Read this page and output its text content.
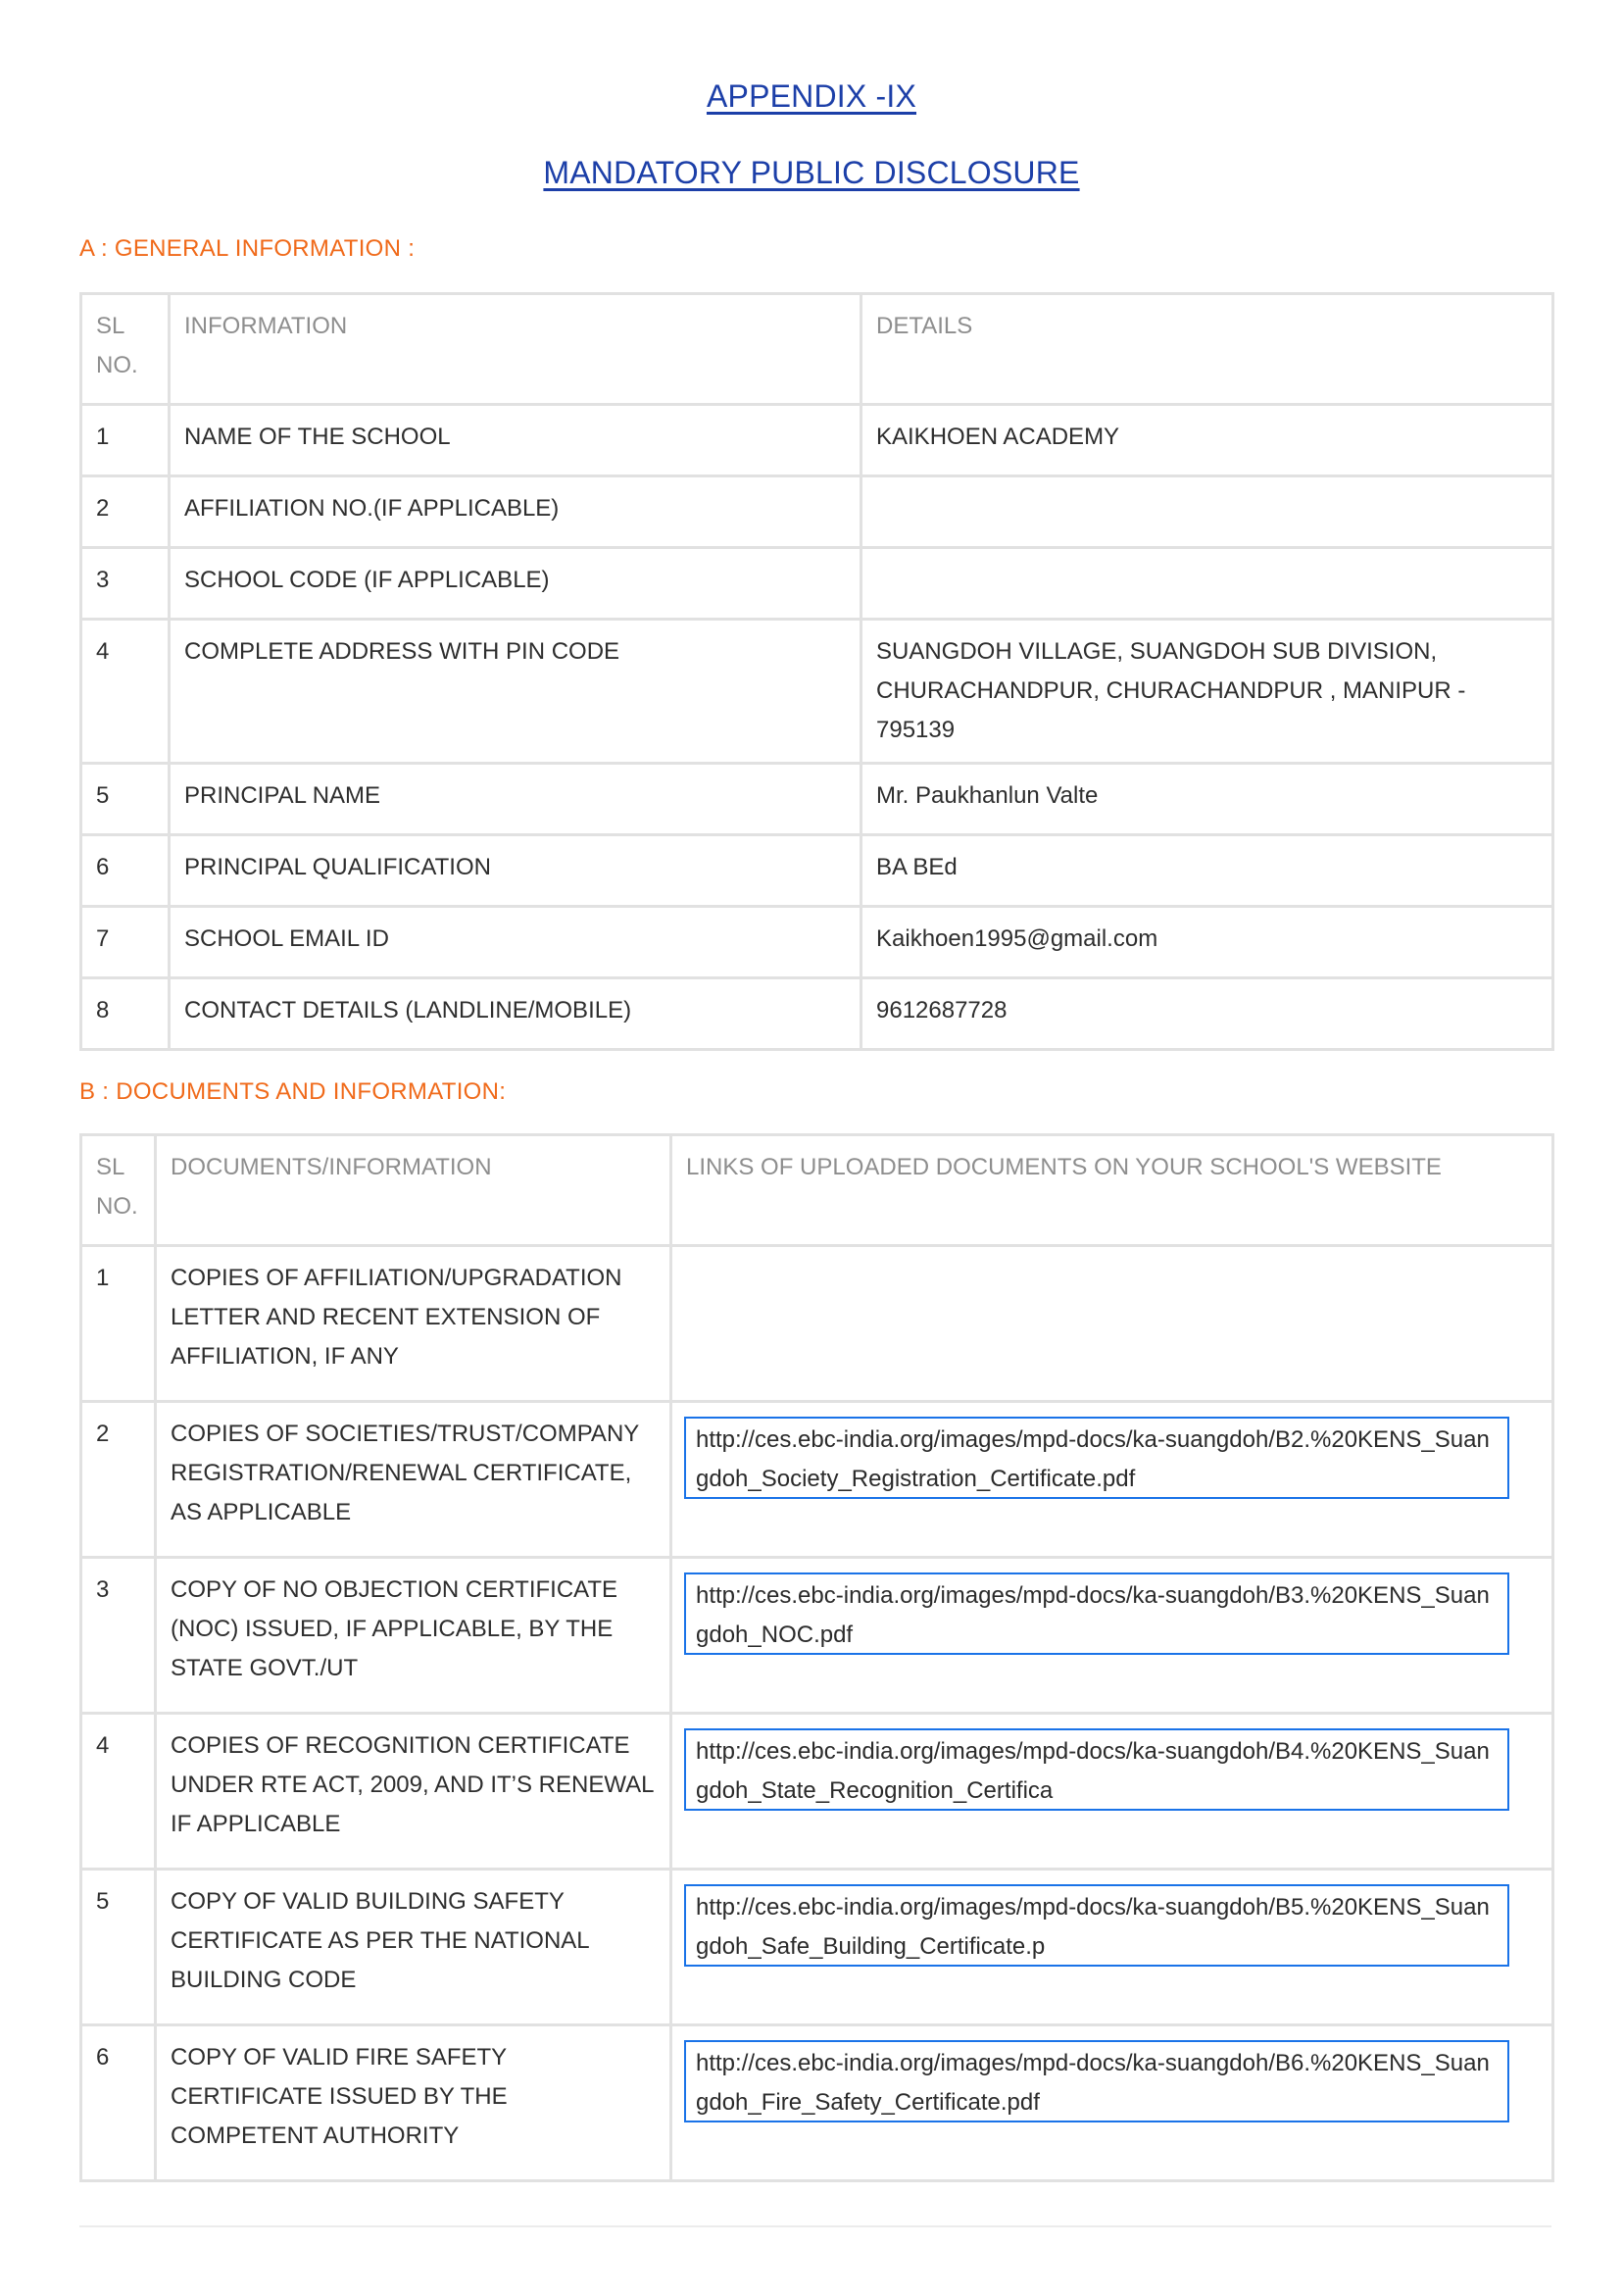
APPENDIX -IX
MANDATORY PUBLIC DISCLOSURE
A : GENERAL INFORMATION :
SL NO.	INFORMATION	DETAILS
1	NAME OF THE SCHOOL	KAIKHOEN ACADEMY
2	AFFILIATION NO.(IF APPLICABLE)	
3	SCHOOL CODE (IF APPLICABLE)	
4	COMPLETE ADDRESS WITH PIN CODE	SUANGDOH VILLAGE, SUANGDOH SUB DIVISION, CHURACHANDPUR, CHURACHANDPUR , MANIPUR - 795139
5	PRINCIPAL NAME	Mr. Paukhanlun Valte
6	PRINCIPAL QUALIFICATION	BA BEd
7	SCHOOL EMAIL ID	Kaikhoen1995@gmail.com
8	CONTACT DETAILS (LANDLINE/MOBILE)	9612687728
B : DOCUMENTS AND INFORMATION:
SL NO.	DOCUMENTS/INFORMATION	LINKS OF UPLOADED DOCUMENTS ON YOUR SCHOOL'S WEBSITE
1	COPIES OF AFFILIATION/UPGRADATION LETTER AND RECENT EXTENSION OF AFFILIATION, IF ANY	
2	COPIES OF SOCIETIES/TRUST/COMPANY REGISTRATION/RENEWAL CERTIFICATE, AS APPLICABLE	http://ces.ebc-india.org/images/mpd-docs/ka-suangdoh/B2.%20KENS_Suangdoh_Society_Registration_Certificate.pdf

3	COPY OF NO OBJECTION CERTIFICATE (NOC) ISSUED, IF APPLICABLE, BY THE STATE GOVT./UT	http://ces.ebc-india.org/images/mpd-docs/ka-suangdoh/B3.%20KENS_Suangdoh_NOC.pdf

4	COPIES OF RECOGNITION CERTIFICATE UNDER RTE ACT, 2009, AND IT’S RENEWAL IF APPLICABLE	http://ces.ebc-india.org/images/mpd-docs/ka-suangdoh/B4.%20KENS_Suangdoh_State_Recognition_Certifica

5	COPY OF VALID BUILDING SAFETY CERTIFICATE AS PER THE NATIONAL BUILDING CODE	http://ces.ebc-india.org/images/mpd-docs/ka-suangdoh/B5.%20KENS_Suangdoh_Safe_Building_Certificate.p

6	COPY OF VALID FIRE SAFETY CERTIFICATE ISSUED BY THE COMPETENT AUTHORITY	http://ces.ebc-india.org/images/mpd-docs/ka-suangdoh/B6.%20KENS_Suangdoh_Fire_Safety_Certificate.pdf
